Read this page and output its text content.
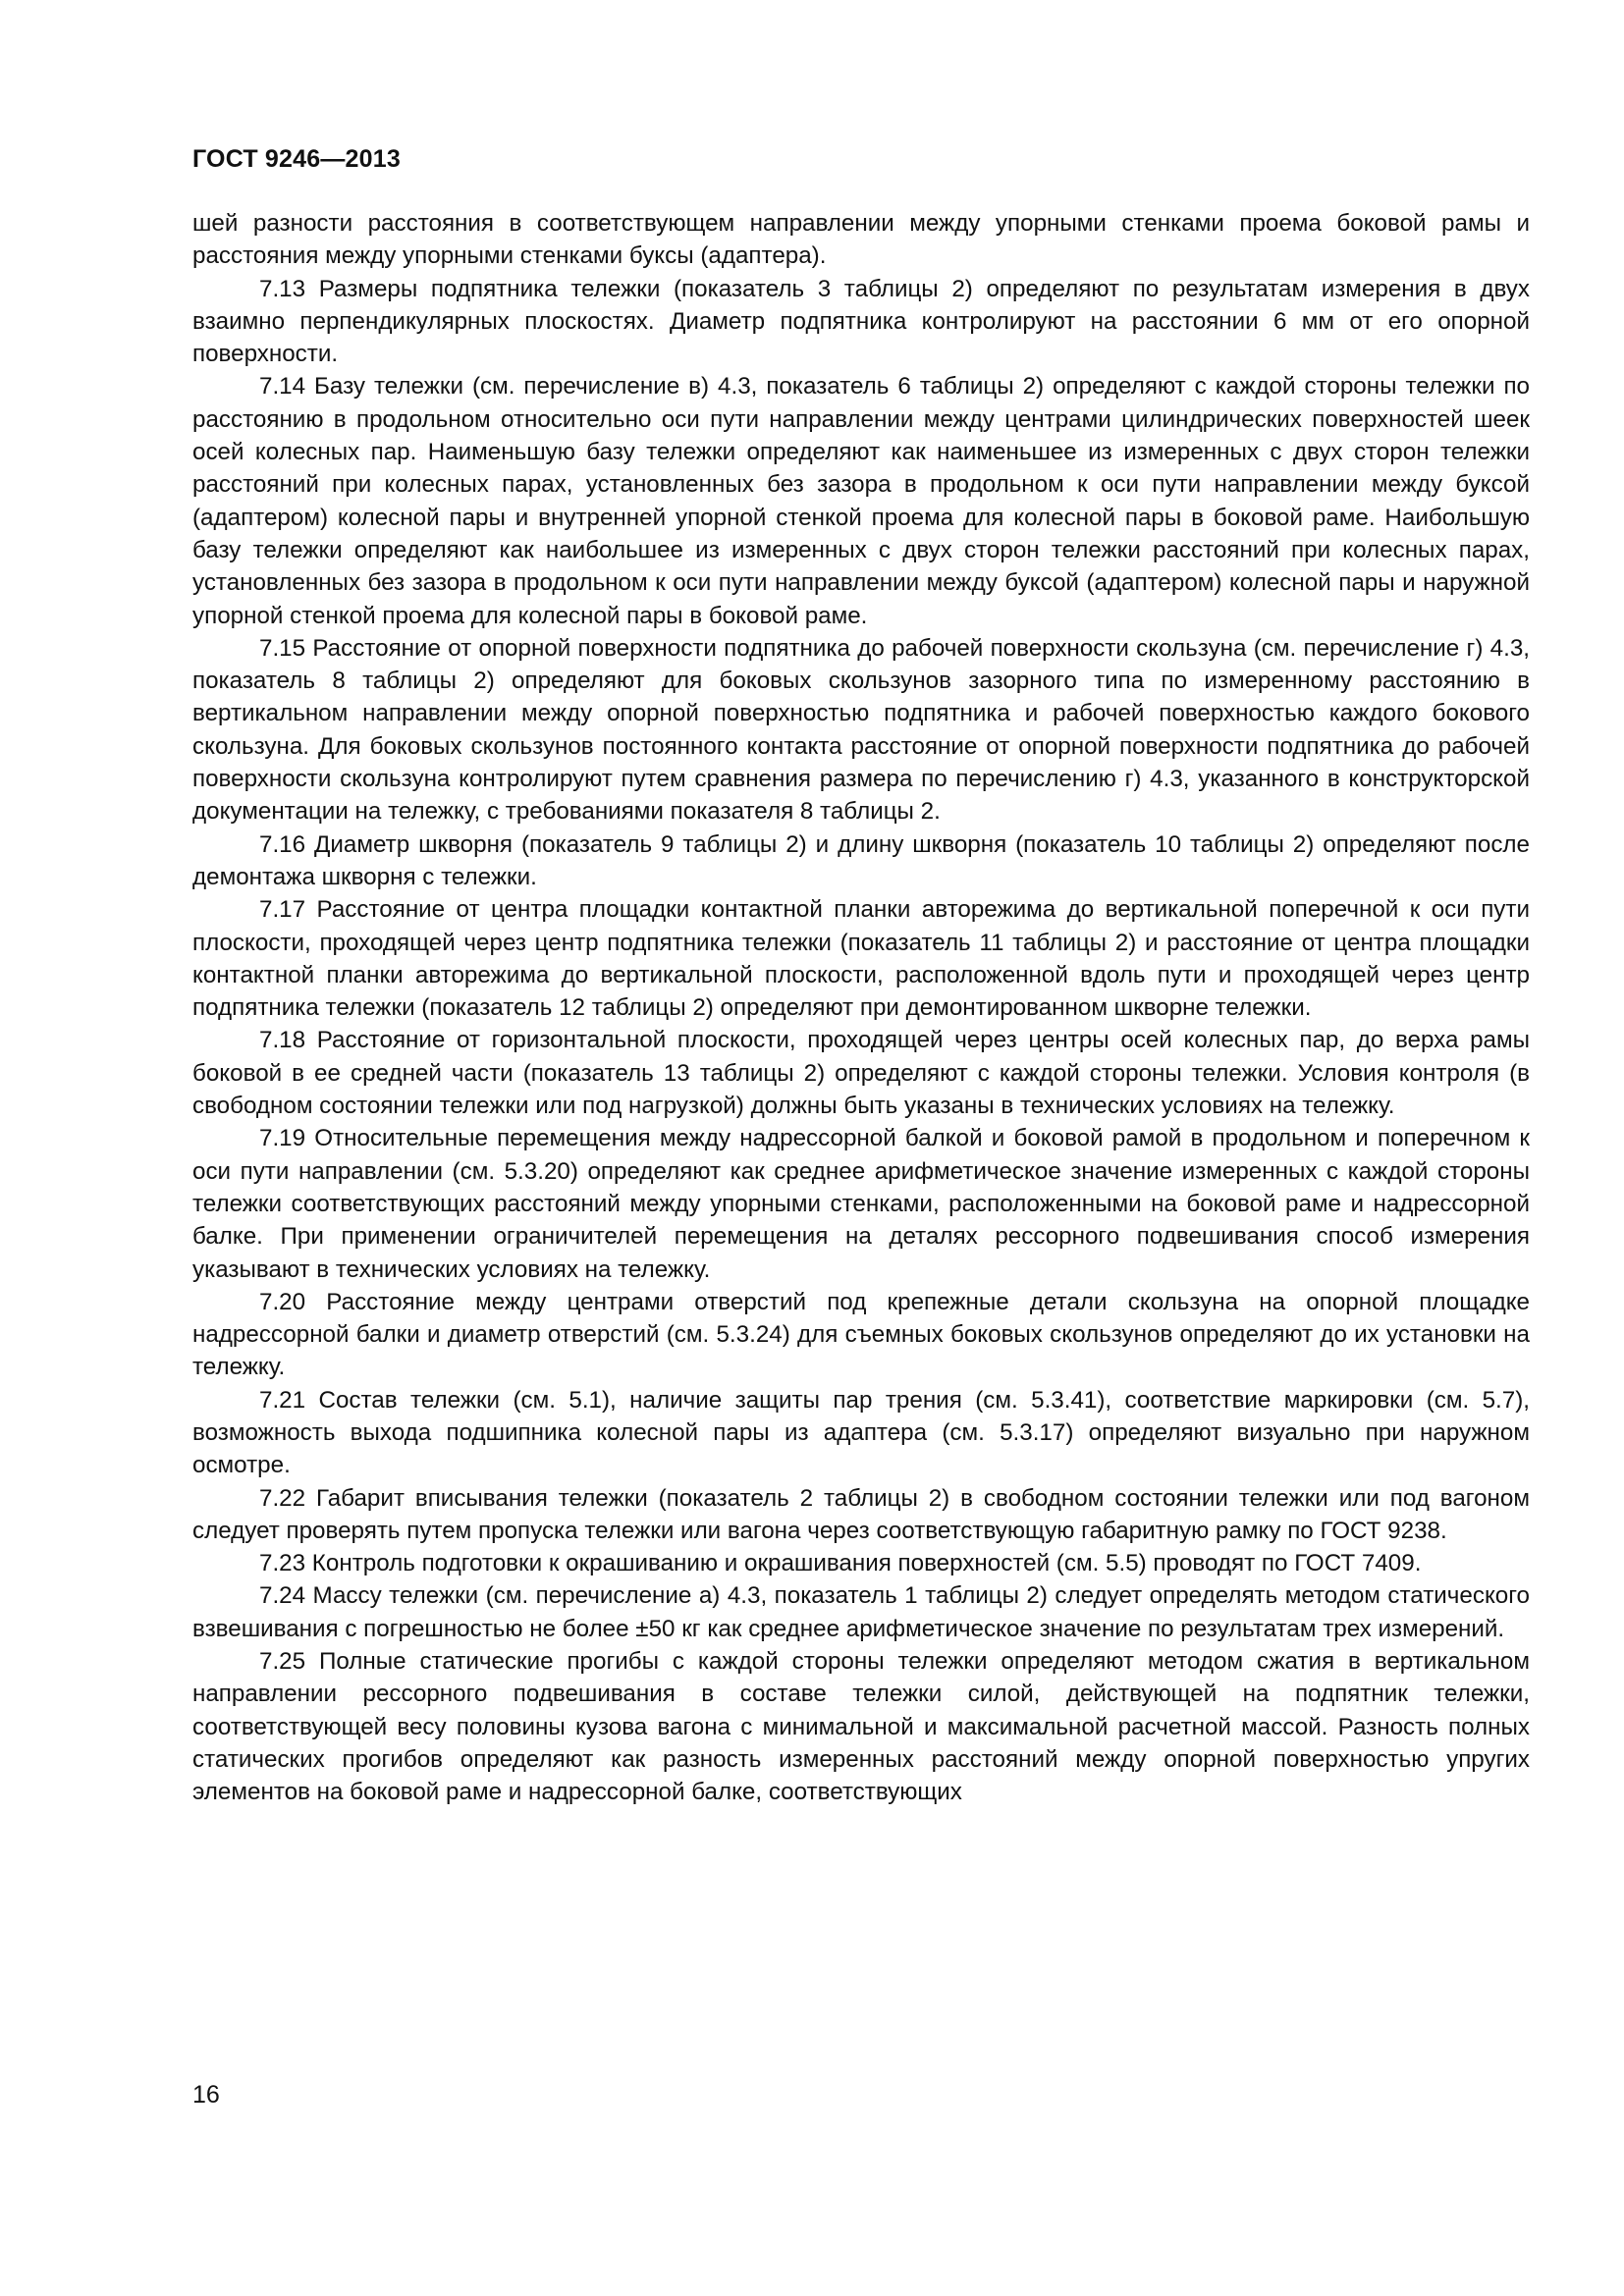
ГОСТ 9246—2013

шей разности расстояния в соответствующем направлении между упорными стенками проема боковой рамы и расстояния между упорными стенками буксы (адаптера).

7.13 Размеры подпятника тележки (показатель 3 таблицы 2) определяют по результатам измерения в двух взаимно перпендикулярных плоскостях. Диаметр подпятника контролируют на расстоянии 6 мм от его опорной поверхности.

7.14 Базу тележки (см. перечисление в) 4.3, показатель 6 таблицы 2) определяют с каждой стороны тележки по расстоянию в продольном относительно оси пути направлении между центрами цилиндрических поверхностей шеек осей колесных пар. Наименьшую базу тележки определяют как наименьшее из измеренных с двух сторон тележки расстояний при колесных парах, установленных без зазора в продольном к оси пути направлении между буксой (адаптером) колесной пары и внутренней упорной стенкой проема для колесной пары в боковой раме. Наибольшую базу тележки определяют как наибольшее из измеренных с двух сторон тележки расстояний при колесных парах, установленных без зазора в продольном к оси пути направлении между буксой (адаптером) колесной пары и наружной упорной стенкой проема для колесной пары в боковой раме.

7.15 Расстояние от опорной поверхности подпятника до рабочей поверхности скользуна (см. перечисление г) 4.3, показатель 8 таблицы 2) определяют для боковых скользунов зазорного типа по измеренному расстоянию в вертикальном направлении между опорной поверхностью подпятника и рабочей поверхностью каждого бокового скользуна. Для боковых скользунов постоянного контакта расстояние от опорной поверхности подпятника до рабочей поверхности скользуна контролируют путем сравнения размера по перечислению г) 4.3, указанного в конструкторской документации на тележку, с требованиями показателя 8 таблицы 2.

7.16 Диаметр шкворня (показатель 9 таблицы 2) и длину шкворня (показатель 10 таблицы 2) определяют после демонтажа шкворня с тележки.

7.17 Расстояние от центра площадки контактной планки авторежима до вертикальной поперечной к оси пути плоскости, проходящей через центр подпятника тележки (показатель 11 таблицы 2) и расстояние от центра площадки контактной планки авторежима до вертикальной плоскости, расположенной вдоль пути и проходящей через центр подпятника тележки (показатель 12 таблицы 2) определяют при демонтированном шкворне тележки.

7.18 Расстояние от горизонтальной плоскости, проходящей через центры осей колесных пар, до верха рамы боковой в ее средней части (показатель 13 таблицы 2) определяют с каждой стороны тележки. Условия контроля (в свободном состоянии тележки или под нагрузкой) должны быть указаны в технических условиях на тележку.

7.19 Относительные перемещения между надрессорной балкой и боковой рамой в продольном и поперечном к оси пути направлении (см. 5.3.20) определяют как среднее арифметическое значение измеренных с каждой стороны тележки соответствующих расстояний между упорными стенками, расположенными на боковой раме и надрессорной балке. При применении ограничителей перемещения на деталях рессорного подвешивания способ измерения указывают в технических условиях на тележку.

7.20 Расстояние между центрами отверстий под крепежные детали скользуна на опорной площадке надрессорной балки и диаметр отверстий (см. 5.3.24) для съемных боковых скользунов определяют до их установки на тележку.

7.21 Состав тележки (см. 5.1), наличие защиты пар трения (см. 5.3.41), соответствие маркировки (см. 5.7), возможность выхода подшипника колесной пары из адаптера (см. 5.3.17) определяют визуально при наружном осмотре.

7.22 Габарит вписывания тележки (показатель 2 таблицы 2) в свободном состоянии тележки или под вагоном следует проверять путем пропуска тележки или вагона через соответствующую габаритную рамку по ГОСТ 9238.

7.23 Контроль подготовки к окрашиванию и окрашивания поверхностей (см. 5.5) проводят по ГОСТ 7409.

7.24 Массу тележки (см. перечисление а) 4.3, показатель 1 таблицы 2) следует определять методом статического взвешивания с погрешностью не более ±50 кг как среднее арифметическое значение по результатам трех измерений.

7.25 Полные статические прогибы с каждой стороны тележки определяют методом сжатия в вертикальном направлении рессорного подвешивания в составе тележки силой, действующей на подпятник тележки, соответствующей весу половины кузова вагона с минимальной и максимальной расчетной массой. Разность полных статических прогибов определяют как разность измеренных расстояний между опорной поверхностью упругих элементов на боковой раме и надрессорной балке, соответствующих

16
